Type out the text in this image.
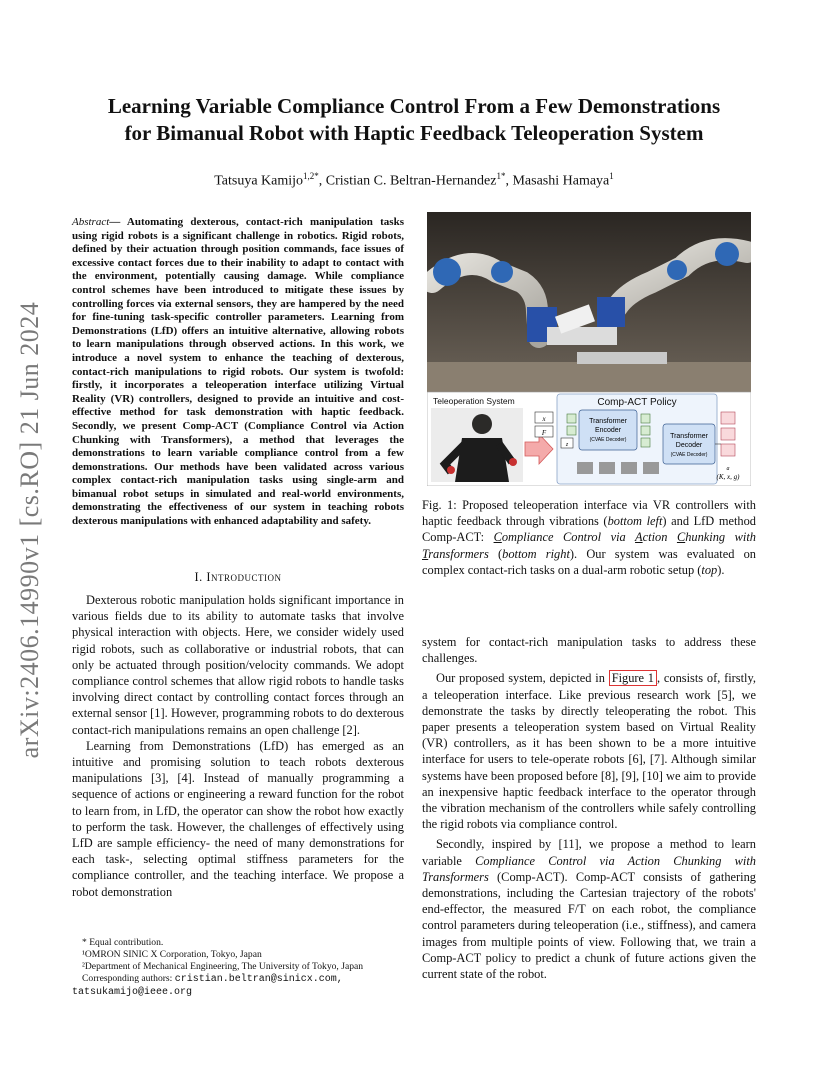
arXiv:2406.14990v1 [cs.RO] 21 Jun 2024
Learning Variable Compliance Control From a Few Demonstrations
for Bimanual Robot with Haptic Feedback Teleoperation System
Tatsuya Kamijo$^{1,2*}$, Cristian C. Beltran-Hernandez$^{1*}$, Masashi Hamaya$^1$
Abstract— Automating dexterous, contact-rich manipulation tasks using rigid robots is a significant challenge in robotics. Rigid robots, defined by their actuation through position commands, face issues of excessive contact forces due to their inability to adapt to contact with the environment, potentially causing damage. While compliance control schemes have been introduced to mitigate these issues by controlling forces via external sensors, they are hampered by the need for fine-tuning task-specific controller parameters. Learning from Demonstrations (LfD) offers an intuitive alternative, allowing robots to learn manipulations through observed actions. In this work, we introduce a novel system to enhance the teaching of dexterous, contact-rich manipulations to rigid robots. Our system is twofold: firstly, it incorporates a teleoperation interface utilizing Virtual Reality (VR) controllers, designed to provide an intuitive and cost-effective method for task demonstration with haptic feedback. Secondly, we present Comp-ACT (Compliance Control via Action Chunking with Transformers), a method that leverages the demonstrations to learn variable compliance control from a few demonstrations. Our methods have been validated across various complex contact-rich manipulation tasks using single-arm and bimanual robot setups in simulated and real-world environments, demonstrating the effectiveness of our system in teaching robots dexterous manipulations with enhanced adaptability and safety.
I. Introduction

Dexterous robotic manipulation holds significant importance in various fields due to its ability to automate tasks that involve physical interaction with objects. Here, we consider widely used rigid robots, such as collaborative or industrial robots, that can only be actuated through position/velocity commands. We adopt compliance control schemes that allow rigid robots to handle tasks involving direct contact by controlling contact forces through an external sensor [1]. However, programming robots to do dexterous contact-rich manipulations remains an open challenge [2].

Learning from Demonstrations (LfD) has emerged as an intuitive and promising solution to teach robots dexterous manipulations [3], [4]. Instead of manually programming a sequence of actions or engineering a reward function for the robot to learn from, in LfD, the operator can show the robot how exactly to perform the task. However, the challenges of effectively using LfD are sample efficiency- the need of many demonstrations for each task-, selecting optimal stiffness parameters for the compliance controller, and the teaching interface. We propose a robot demonstration

* Equal contribution.
¹OMRON SINIC X Corporation, Tokyo, Japan
²Department of Mechanical Engineering, The University of Tokyo, Japan
Corresponding authors: cristian.beltran@sinicx.com,
tatsukamijo@ieee.org
Teleoperation System	Comp-ACT Policy
x
F
z
Transformer
Encoder
(CVAE Decoder)	Transformer
Decoder
(CVAE Decoder)
a
(K, x, g)
Fig. 1: Proposed teleoperation interface via VR controllers with haptic feedback through vibrations (bottom left) and LfD method Comp-ACT: Compliance Control via Action Chunking with Transformers (bottom right). Our system was evaluated on complex contact-rich tasks on a dual-arm robotic setup (top).

system for contact-rich manipulation tasks to address these challenges.

Our proposed system, depicted in Figure 1 , consists of, firstly, a teleoperation interface. Like previous research work [5], we demonstrate the tasks by directly teleoperating the robot. This paper presents a teleoperation system based on Virtual Reality (VR) controllers, as it has been shown to be a more intuitive interface for users to tele-operate robots [6], [7]. Although similar systems have been proposed before [8], [9], [10] we aim to provide an inexpensive haptic feedback interface to the operator through the vibration mechanism of the controllers while safely controlling the rigid robots via compliance control.

Secondly, inspired by [11], we propose a method to learn variable Compliance Control via Action Chunking with Transformers (Comp-ACT). Comp-ACT consists of gathering demonstrations, including the Cartesian trajectory of the robots' end-effector, the measured F/T on each robot, the compliance control parameters during teleoperation (i.e., stiffness), and camera images from multiple points of view. Following that, we train a Comp-ACT policy to predict a chunk of future actions given the current state of the robot.
